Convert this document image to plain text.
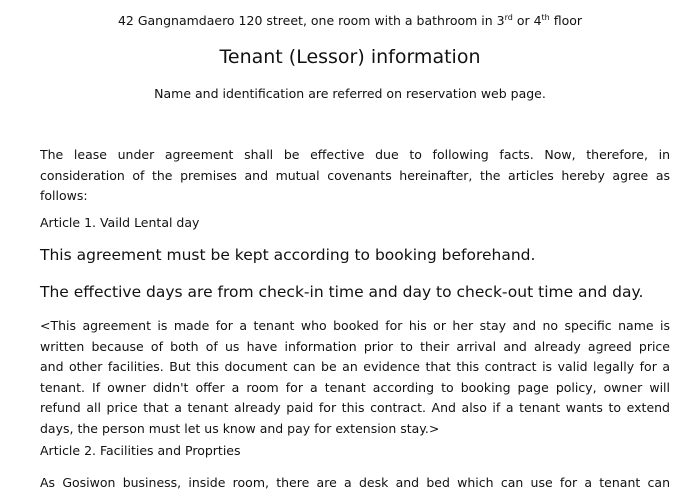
42 Gangnamdaero 120 street, one room with a bathroom in 3rd or 4th floor
Tenant (Lessor) information
Name and identification are referred on reservation web page.
The lease under agreement shall be effective due to following facts. Now, therefore, in
consideration of the premises and mutual covenants hereinafter, the articles hereby agree as
follows:
Article 1. Vaild Lental day
This agreement must be kept according to booking beforehand.
The effective days are from check-in time and day to check-out time and day.
<This agreement is made for a tenant who booked for his or her stay and no specific name is
written because of both of us have information prior to their arrival and already agreed price
and other facilities. But this document can be an evidence that this contract is valid legally for a
tenant. If owner didn't offer a room for a tenant according to booking page policy, owner will
refund all price that a tenant already paid for this contract. And also if a tenant wants to extend
days, the person must let us know and pay for extension stay.>
Article 2. Facilities and Proprties
As Gosiwon business, inside room, there are a desk and bed which can use for a tenant can
